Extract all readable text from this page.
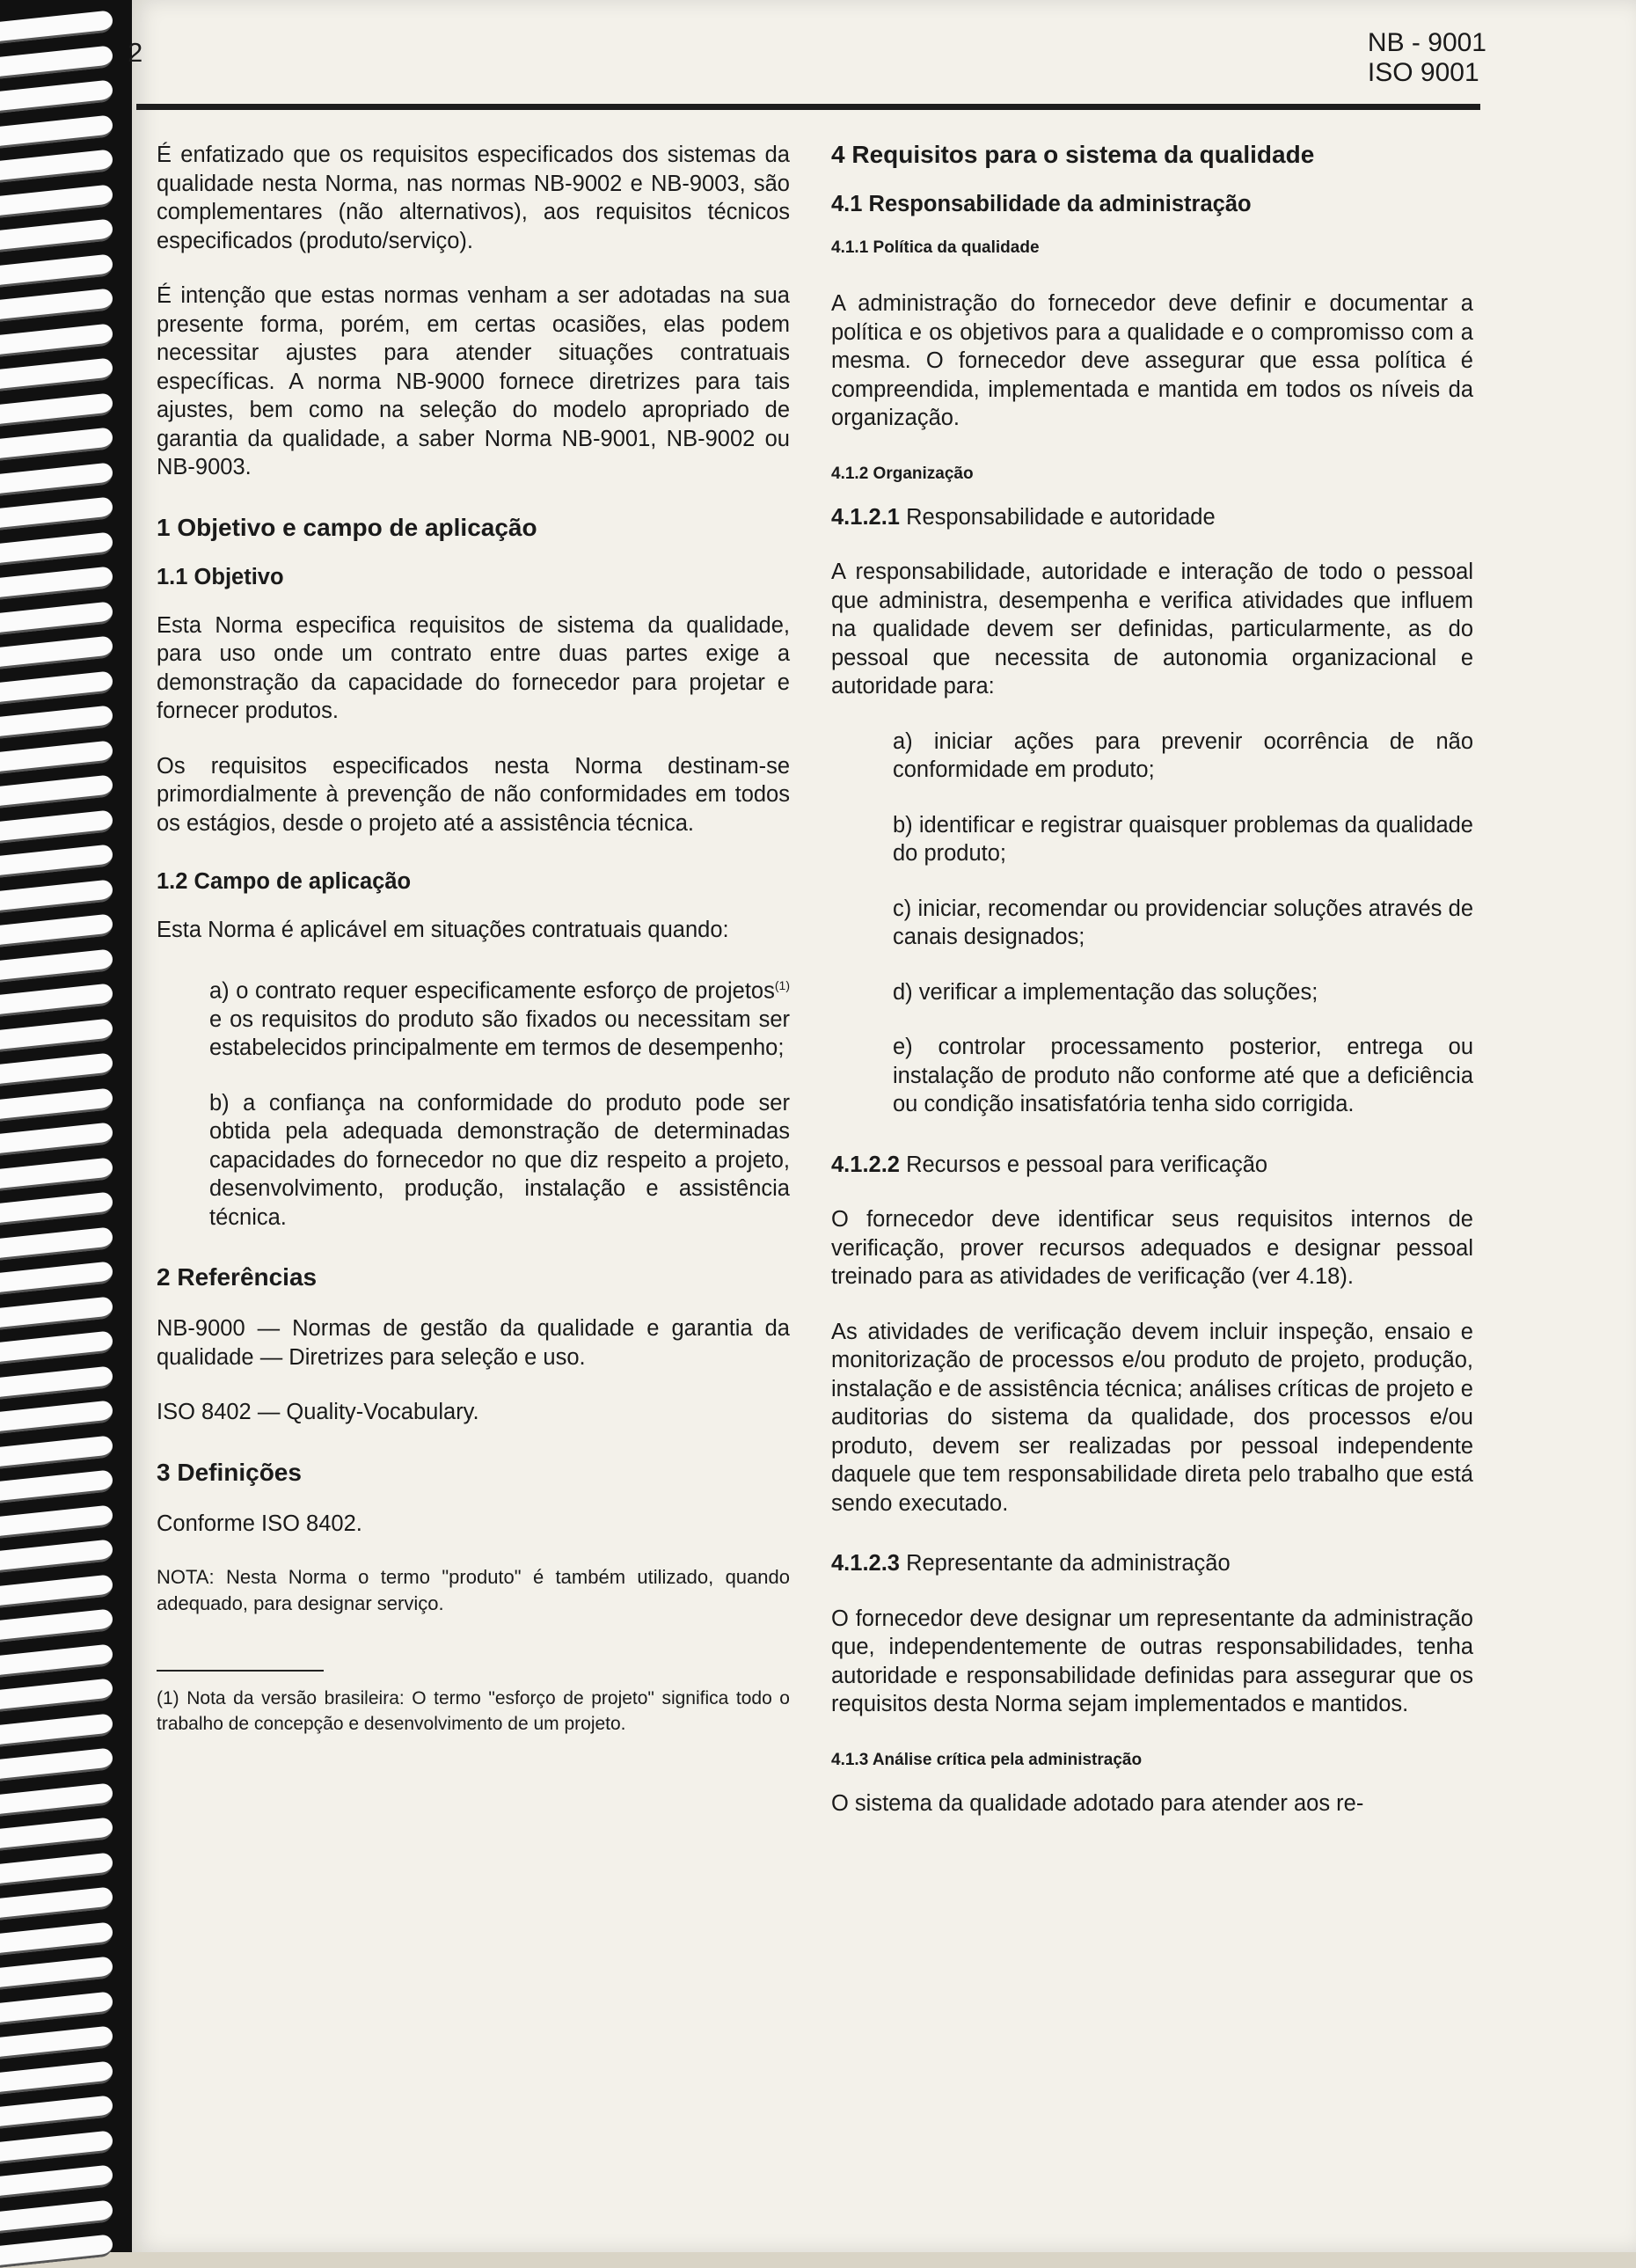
2	NB - 9001
ISO 9001

É enfatizado que os requisitos especificados dos sistemas da qualidade nesta Norma, nas normas NB-9002 e NB-9003, são complementares (não alternativos), aos requisitos técnicos especificados (produto/serviço).

É intenção que estas normas venham a ser adotadas na sua presente forma, porém, em certas ocasiões, elas podem necessitar ajustes para atender situações contratuais específicas. A norma NB-9000 fornece diretrizes para tais ajustes, bem como na seleção do modelo apropriado de garantia da qualidade, a saber Norma NB-9001, NB-9002 ou NB-9003.

1 Objetivo e campo de aplicação
1.1 Objetivo

Esta Norma especifica requisitos de sistema da qualidade, para uso onde um contrato entre duas partes exige a demonstração da capacidade do fornecedor para projetar e fornecer produtos.

Os requisitos especificados nesta Norma destinam-se primordialmente à prevenção de não conformidades em todos os estágios, desde o projeto até a assistência técnica.

1.2 Campo de aplicação

Esta Norma é aplicável em situações contratuais quando:

a) o contrato requer especificamente esforço de projetos$^{(1)}$ e os requisitos do produto são fixados ou necessitam ser estabelecidos principalmente em termos de desempenho;

b) a confiança na conformidade do produto pode ser obtida pela adequada demonstração de determinadas capacidades do fornecedor no que diz respeito a projeto, desenvolvimento, produção, instalação e assistência técnica.

2 Referências

NB-9000 — Normas de gestão da qualidade e garantia da qualidade — Diretrizes para seleção e uso.

ISO 8402 — Quality-Vocabulary.

3 Definições

Conforme ISO 8402.

NOTA: Nesta Norma o termo "produto" é também utilizado, quando adequado, para designar serviço.

(1) Nota da versão brasileira: O termo "esforço de projeto" significa todo o trabalho de concepção e desenvolvimento de um projeto.

4 Requisitos para o sistema da qualidade
4.1 Responsabilidade da administração
4.1.1 Política da qualidade

A administração do fornecedor deve definir e documentar a política e os objetivos para a qualidade e o compromisso com a mesma. O fornecedor deve assegurar que essa política é compreendida, implementada e mantida em todos os níveis da organização.

4.1.2 Organização

4.1.2.1 Responsabilidade e autoridade

A responsabilidade, autoridade e interação de todo o pessoal que administra, desempenha e verifica atividades que influem na qualidade devem ser definidas, particularmente, as do pessoal que necessita de autonomia organizacional e autoridade para:

a) iniciar ações para prevenir ocorrência de não conformidade em produto;

b) identificar e registrar quaisquer problemas da qualidade do produto;

c) iniciar, recomendar ou providenciar soluções através de canais designados;

d) verificar a implementação das soluções;

e) controlar processamento posterior, entrega ou instalação de produto não conforme até que a deficiência ou condição insatisfatória tenha sido corrigida.

4.1.2.2 Recursos e pessoal para verificação

O fornecedor deve identificar seus requisitos internos de verificação, prover recursos adequados e designar pessoal treinado para as atividades de verificação (ver 4.18).

As atividades de verificação devem incluir inspeção, ensaio e monitorização de processos e/ou produto de projeto, produção, instalação e de assistência técnica; análises críticas de projeto e auditorias do sistema da qualidade, dos processos e/ou produto, devem ser realizadas por pessoal independente daquele que tem responsabilidade direta pelo trabalho que está sendo executado.

4.1.2.3 Representante da administração

O fornecedor deve designar um representante da administração que, independentemente de outras responsabilidades, tenha autoridade e responsabilidade definidas para assegurar que os requisitos desta Norma sejam implementados e mantidos.

4.1.3 Análise crítica pela administração

O sistema da qualidade adotado para atender aos re-
